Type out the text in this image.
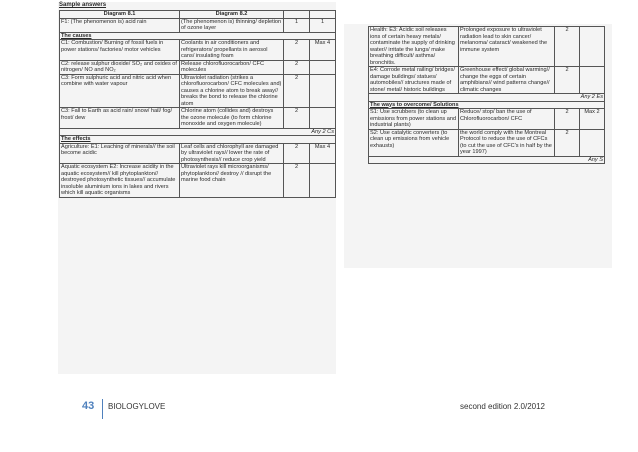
Sample answers
Diagram 8.1	Diagram 8.2		
F1: (The phenomenon is) acid rain	(The phenomenon is) thinning/ depletion of ozone layer	1	1
The causes			
C1: Combustion/ Burning of fossil fuels in power stations/ factories/ motor vehicles	Coolants in air conditioners and refrigerators/ propellants in aerosol cans/ insulating foam	2	Max 4
C2: release sulphur dioxide/ SO₂ and oxides of nitrogen/ NO and NO₂	Release chlorofluorocarbon/ CFC molecules	2	
C3: Form sulphuric acid and nitric acid when combine with water vapour	Ultraviolet radiation (strikes a chlorofluorocarbon/ CFC molecules and) causes a chlorine atom to break away// breaks the bond to release the chlorine atom	2	
C3: Fall to Earth as acid rain/ snow/ hail/ fog/ frost/ dew	Chlorine atom (collides and) destroys the ozone molecule (to form chlorine monoxide and oxygen molecule)	2	
Any 2 Cs			
The effects			
Agriculture: E1: Leaching of minerals// the soil become acidic	Leaf cells and chlorophyll are damaged by ultraviolet rays// lower the rate of photosynthesis// reduce crop yield	2	Max 4
Aquatic ecosystem E2: Increase acidity in the aquatic ecosystem// kill phytoplankton// destroyed photosynthetic tissues// accumulate insoluble aluminium ions in lakes and rivers which kill aquatic organisms	Ultraviolet rays kill microorganisms/ phytoplankton// destroy // disrupt the marine food chain	2	
Health: E3: Acidic soil releases ions of certain heavy metals/ contaminate the supply of drinking water// irritate the lungs/ make breathing difficult/ asthma/ bronchitis.	Prolonged exposure to ultraviolet radiation lead to skin cancer/ melanoma/ cataract/ weakened the immune system	2	
E4: Corrode metal railing/ bridges/ damage buildings/ statues/ automobiles// structures made of stone/ metal/ historic buildings	Greenhouse effect/ global warming// change the eggs of certain amphibians// wind patterns change// climatic changes	2	
Any 2 Es			
The ways to overcome/ Solutions			
S1: Use scrubbers (to clean up emissions from power stations and industrial plants)	Reduce/ stop/ ban the use of Chlorofluorocarbon/ CFC	2	Max 2
S2: Use catalytic converters (to clean up emissions from vehicle exhausts)	the world comply with the Montreal Protocol to reduce the use of CFCs (to cut the use of CFC's in half by the year 1997)	2	
Any S			
43 BIOLOGYLOVE	second edition 2.0/2012
